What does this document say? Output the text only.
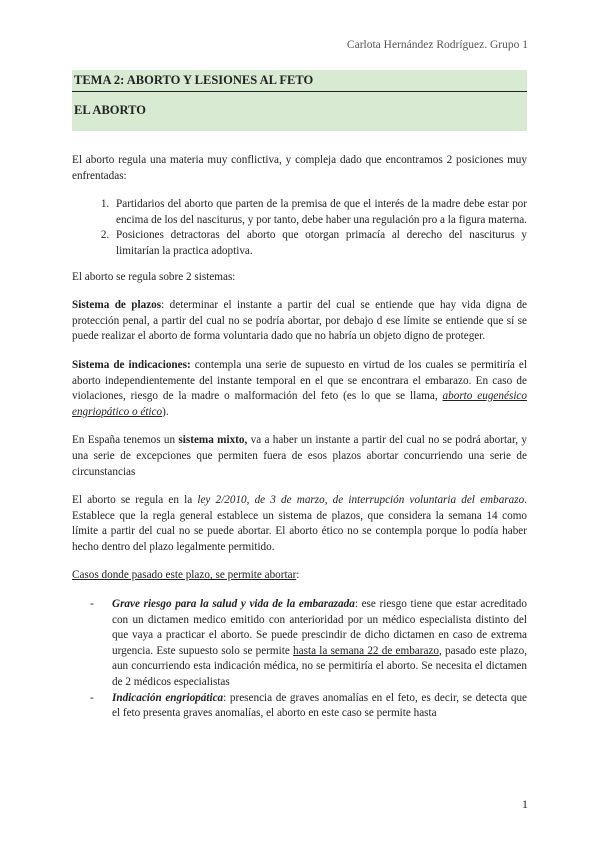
Carlota Hernández Rodríguez. Grupo 1
TEMA 2: ABORTO Y LESIONES AL FETO
EL ABORTO

El aborto regula una materia muy conflictiva, y compleja dado que encontramos 2 posiciones muy enfrentadas:

1. Partidarios del aborto que parten de la premisa de que el interés de la madre debe estar por encima de los del nasciturus, y por tanto, debe haber una regulación pro a la figura materna.
2. Posiciones detractoras del aborto que otorgan primacía al derecho del nasciturus y limitarían la practica adoptiva.

El aborto se regula sobre 2 sistemas:

Sistema de plazos: determinar el instante a partir del cual se entiende que hay vida digna de protección penal, a partir del cual no se podría abortar, por debajo d ese límite se entiende que sí se puede realizar el aborto de forma voluntaria dado que no habría un objeto digno de proteger.

Sistema de indicaciones: contempla una serie de supuesto en virtud de los cuales se permitiría el aborto independientemente del instante temporal en el que se encontrara el embarazo. En caso de violaciones, riesgo de la madre o malformación del feto (es lo que se llama, aborto eugenésico engriopático o ético).

En España tenemos un sistema mixto, va a haber un instante a partir del cual no se podrá abortar, y una serie de excepciones que permiten fuera de esos plazos abortar concurriendo una serie de circunstancias

El aborto se regula en la ley 2/2010, de 3 de marzo, de interrupción voluntaria del embarazo. Establece que la regla general establece un sistema de plazos, que considera la semana 14 como límite a partir del cual no se puede abortar. El aborto ético no se contempla porque lo podía haber hecho dentro del plazo legalmente permitido.

Casos donde pasado este plazo, se permite abortar:

- Grave riesgo para la salud y vida de la embarazada: ese riesgo tiene que estar acreditado con un dictamen medico emitido con anterioridad por un médico especialista distinto del que vaya a practicar el aborto. Se puede prescindir de dicho dictamen en caso de extrema urgencia. Este supuesto solo se permite hasta la semana 22 de embarazo, pasado este plazo, aun concurriendo esta indicación médica, no se permitiría el aborto. Se necesita el dictamen de 2 médicos especialistas
- Indicación engriopática: presencia de graves anomalías en el feto, es decir, se detecta que el feto presenta graves anomalías, el aborto en este caso se permite hasta
1
